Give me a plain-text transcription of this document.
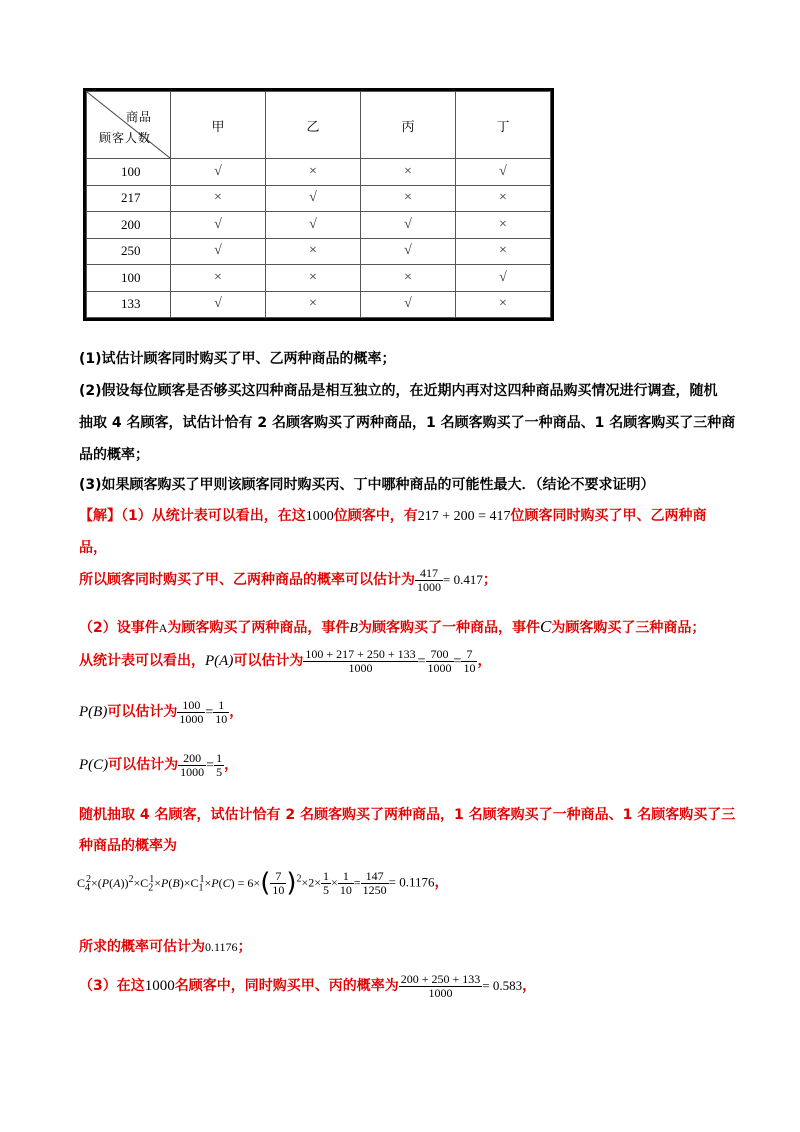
商品
顾客人数	甲	乙	丙	丁
100	√	×	×	√
217	×	√	×	×
200	√	√	√	×
250	√	×	√	×
100	×	×	×	√
133	√	×	√	×
(1)试估计顾客同时购买了甲、乙两种商品的概率；
(2)假设每位顾客是否够买这四种商品是相互独立的，在近期内再对这四种商品购买情况进行调查，随机
抽取 4 名顾客，试估计恰有 2 名顾客购买了两种商品，1 名顾客购买了一种商品、1 名顾客购买了三种商
品的概率；
(3)如果顾客购买了甲则该顾客同时购买丙、丁中哪种商品的可能性最大．（结论不要求证明）
【解】（1）从统计表可以看出，在这1000位顾客中，有217 + 200 = 417位顾客同时购买了甲、乙两种商
品，
所以顾客同时购买了甲、乙两种商品的概率可以估计为 $\frac{417}{1000} = 0.417$；
（2）设事件A为顾客购买了两种商品，事件B为顾客购买了一种商品，事件C为顾客购买了三种商品；
从统计表可以看出，P(A)可以估计为 $\frac{100 + 217 + 250 + 133}{1000} = \frac{700}{1000} = \frac{7}{10}$ ，
P(B)可以估计为 $\frac{100}{1000} = \frac{1}{10}$ ，
P(C)可以估计为 $\frac{200}{1000} = \frac{1}{5}$ ，
随机抽取 4 名顾客，试估计恰有 2 名顾客购买了两种商品，1 名顾客购买了一种商品、1 名顾客购买了三
种商品的概率为
$C_4^2\times(P(A))^2\times C_2^1\times P(B)\times C_1^1\times P(C) = 6\times( \frac{7}{10} )^2\times 2\times \frac{1}{5} \times \frac{1}{10} = \frac{147}{1250} = 0.1176$，
所求的概率可估计为0.1176；
（3）在这1000名顾客中，同时购买甲、丙的概率为 $\frac{200 + 250 + 133}{1000} = 0.583$，
